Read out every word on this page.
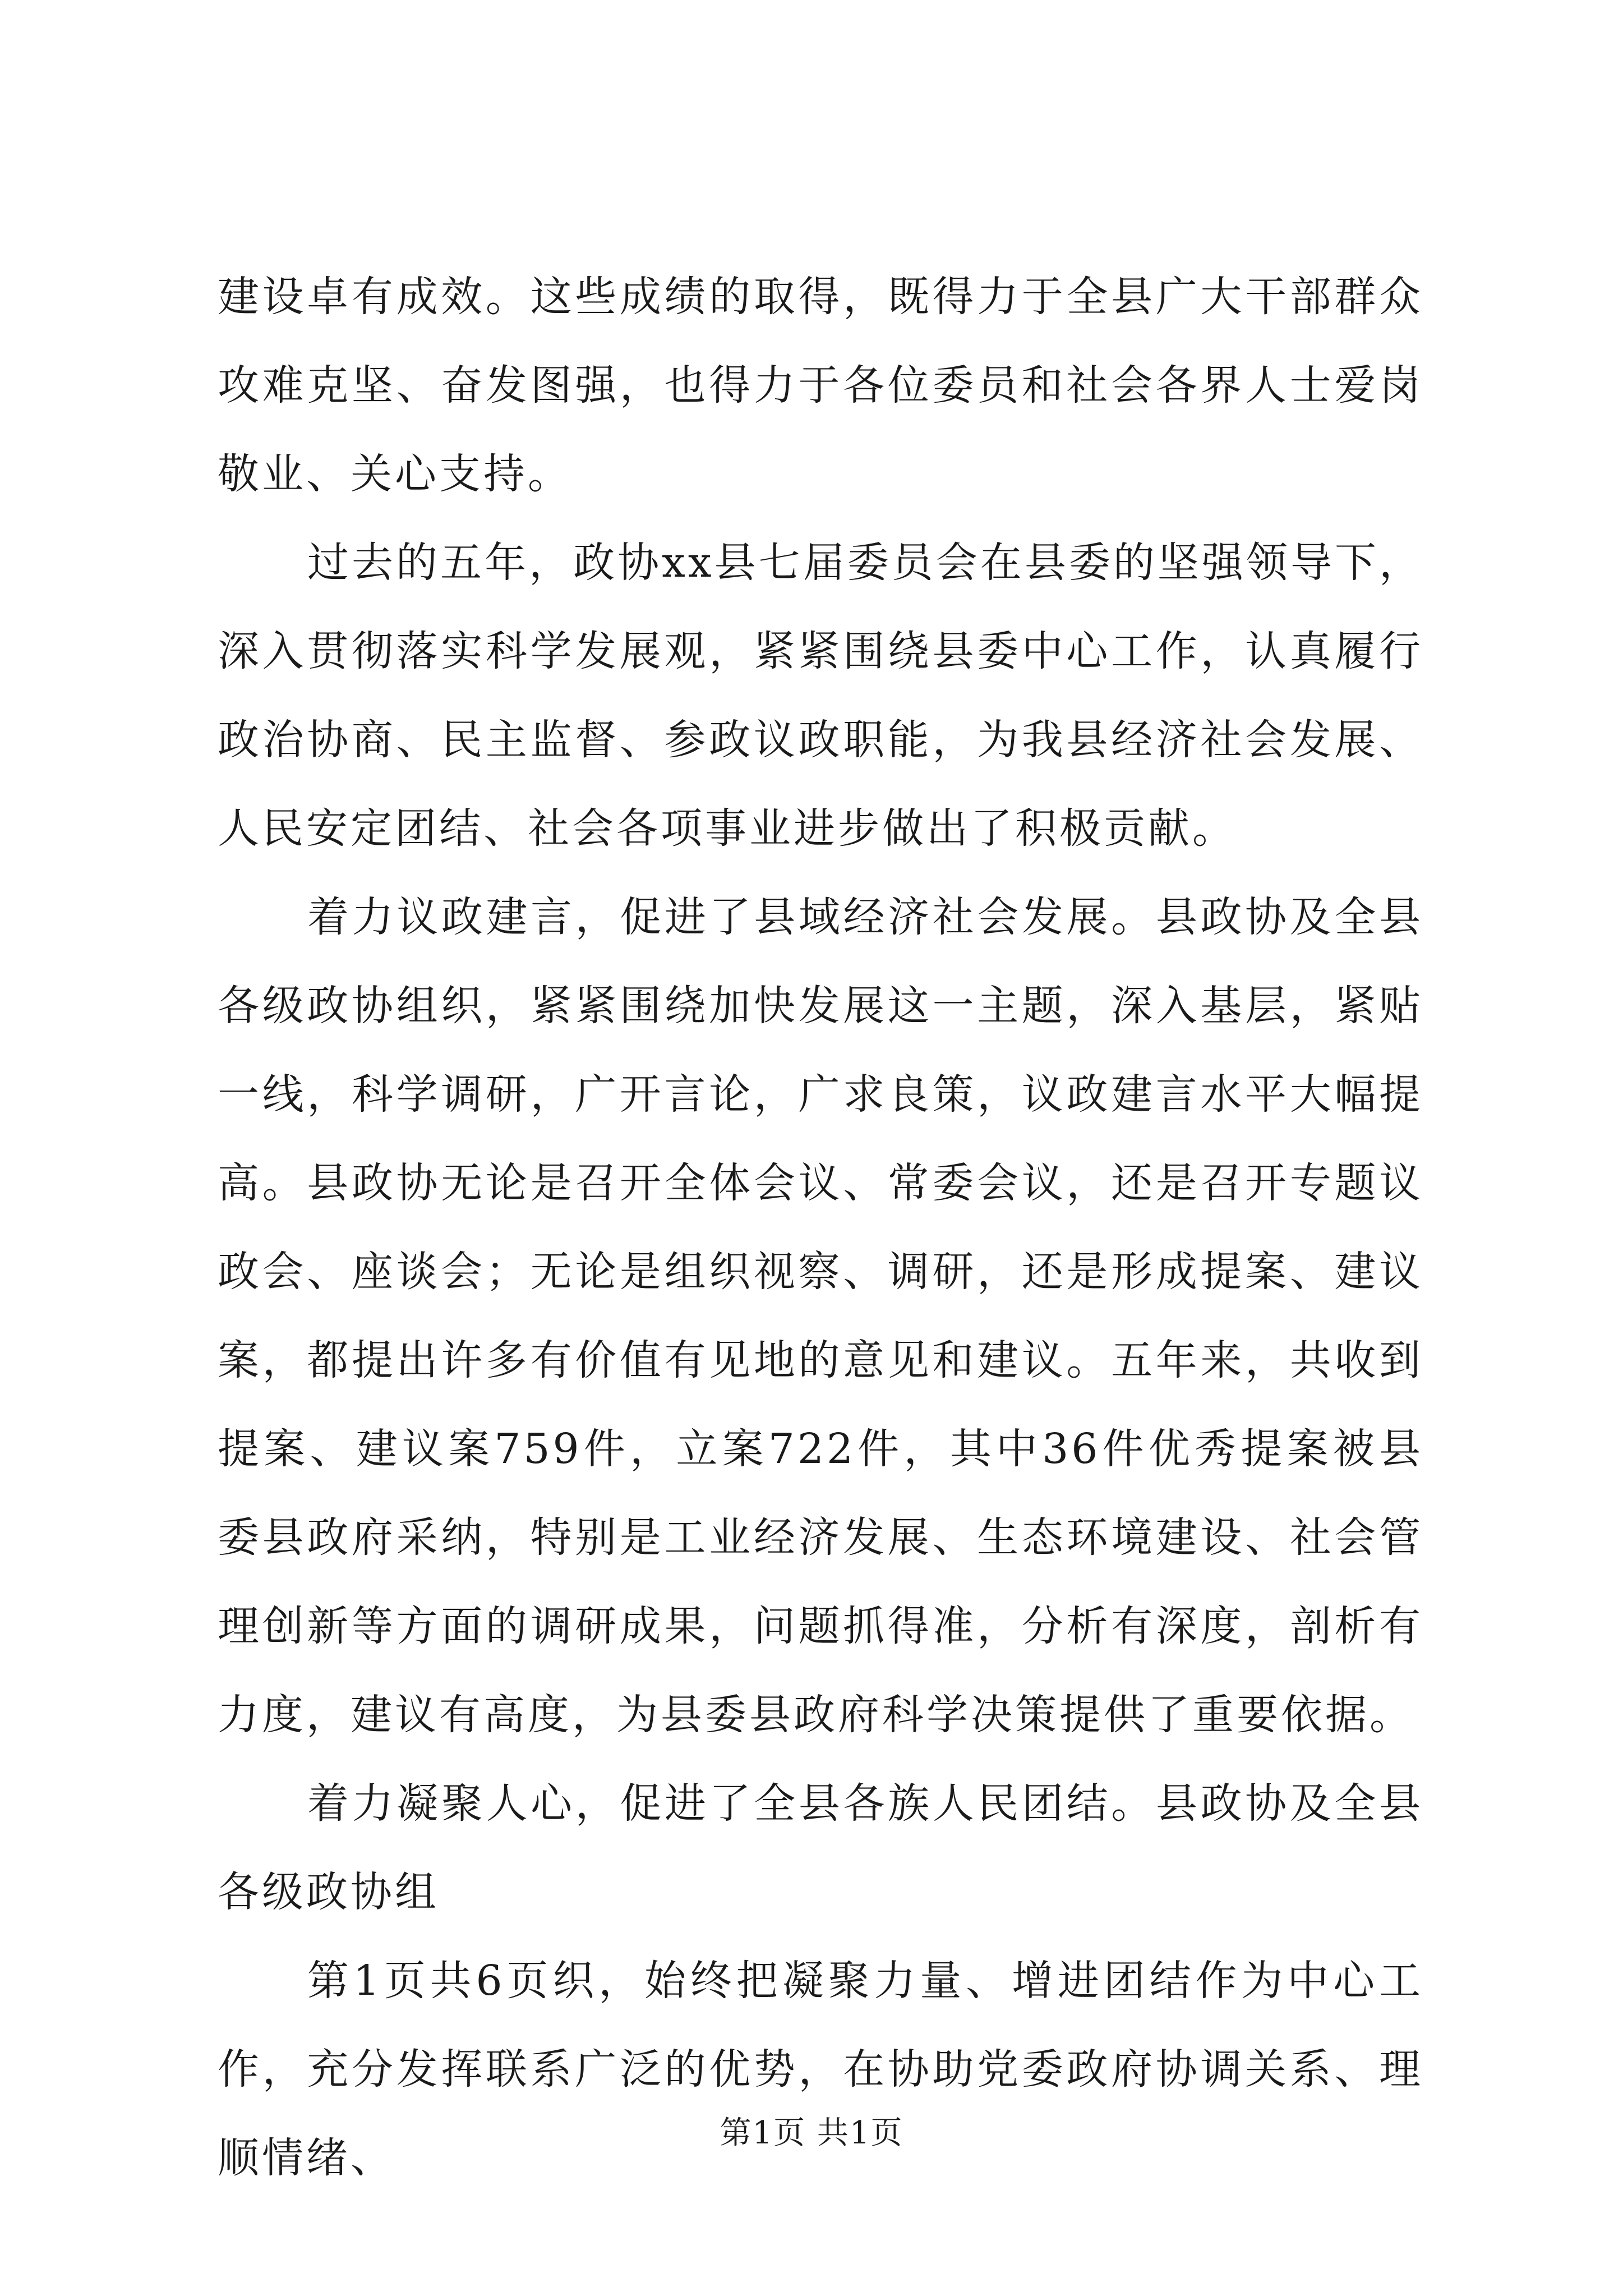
建设卓有成效。这些成绩的取得，既得力于全县广大干部群众攻难克坚、奋发图强，也得力于各位委员和社会各界人士爱岗敬业、关心支持。

过去的五年，政协xx县七届委员会在县委的坚强领导下，深入贯彻落实科学发展观，紧紧围绕县委中心工作，认真履行政治协商、民主监督、参政议政职能，为我县经济社会发展、人民安定团结、社会各项事业进步做出了积极贡献。

着力议政建言，促进了县域经济社会发展。县政协及全县各级政协组织，紧紧围绕加快发展这一主题，深入基层，紧贴一线，科学调研，广开言论，广求良策，议政建言水平大幅提高。县政协无论是召开全体会议、常委会议，还是召开专题议政会、座谈会；无论是组织视察、调研，还是形成提案、建议案，都提出许多有价值有见地的意见和建议。五年来，共收到提案、建议案759件，立案722件，其中36件优秀提案被县委县政府采纳，特别是工业经济发展、生态环境建设、社会管理创新等方面的调研成果，问题抓得准，分析有深度，剖析有力度，建议有高度，为县委县政府科学决策提供了重要依据。

着力凝聚人心，促进了全县各族人民团结。县政协及全县各级政协组

第1页共6页织，始终把凝聚力量、增进团结作为中心工作，充分发挥联系广泛的优势，在协助党委政府协调关系、理顺情绪、

第1页 共1页
